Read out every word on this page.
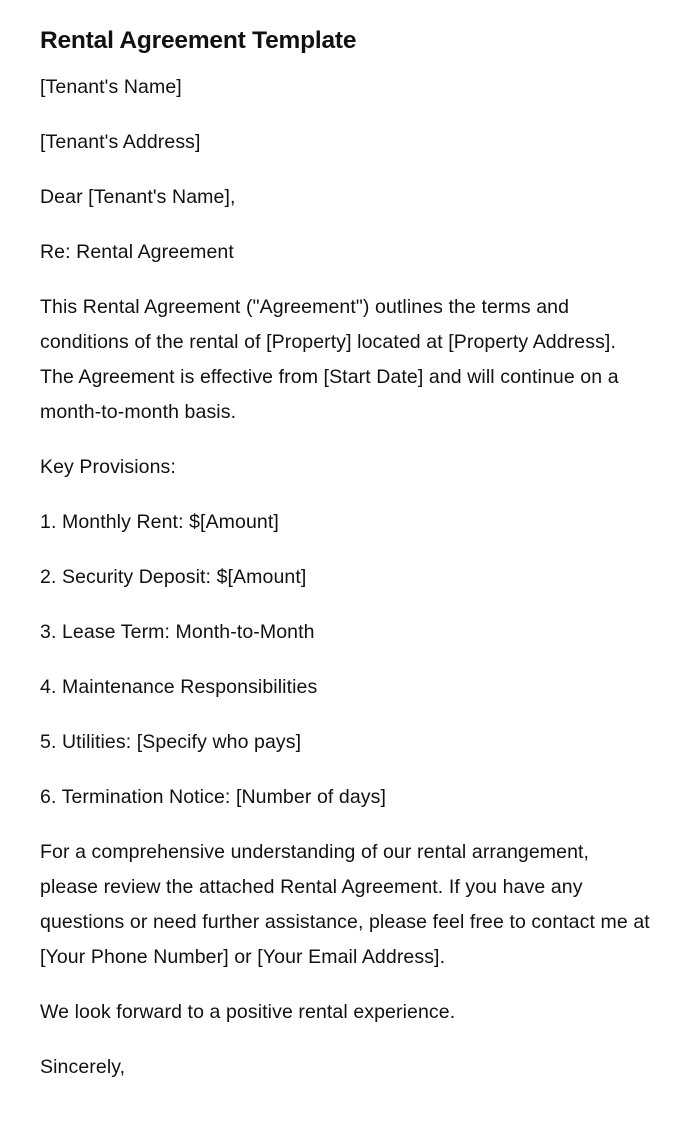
Rental Agreement Template

[Tenant's Name]

[Tenant's Address]

Dear [Tenant's Name],

Re: Rental Agreement

This Rental Agreement ("Agreement") outlines the terms and conditions of the rental of [Property] located at [Property Address]. The Agreement is effective from [Start Date] and will continue on a month-to-month basis.

Key Provisions:

1. Monthly Rent: $[Amount]

2. Security Deposit: $[Amount]

3. Lease Term: Month-to-Month

4. Maintenance Responsibilities

5. Utilities: [Specify who pays]

6. Termination Notice: [Number of days]

For a comprehensive understanding of our rental arrangement, please review the attached Rental Agreement. If you have any questions or need further assistance, please feel free to contact me at [Your Phone Number] or [Your Email Address].

We look forward to a positive rental experience.

Sincerely,
